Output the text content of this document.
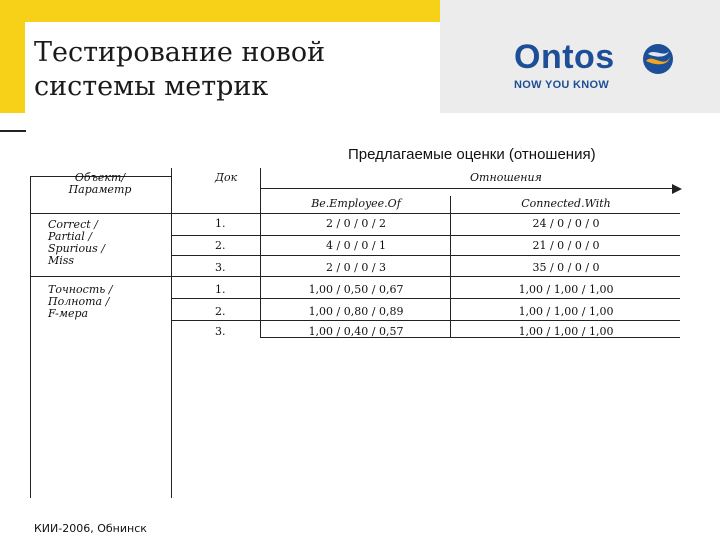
Тестирование новой
системы метрик
Ontos
NOW YOU KNOW
Предлагаемые оценки (отношения)
Объект/
Параметр
Док	Отношения
Be.Employee.Of	Connected.With
Correct /
Partial /
Spurious /
Miss
1.	2 / 0 / 0 / 2	24 / 0 / 0 / 0
2.	4 / 0 / 0 / 1	21 / 0 / 0 / 0
3.	2 / 0 / 0 / 3	35 / 0 / 0 / 0
Точность /
Полнота /
F-мера
1.	1,00 / 0,50 / 0,67	1,00 / 1,00 / 1,00
2.	1,00 / 0,80 / 0,89	1,00 / 1,00 / 1,00
3.	1,00 / 0,40 / 0,57	1,00 / 1,00 / 1,00
КИИ-2006, Обнинск
